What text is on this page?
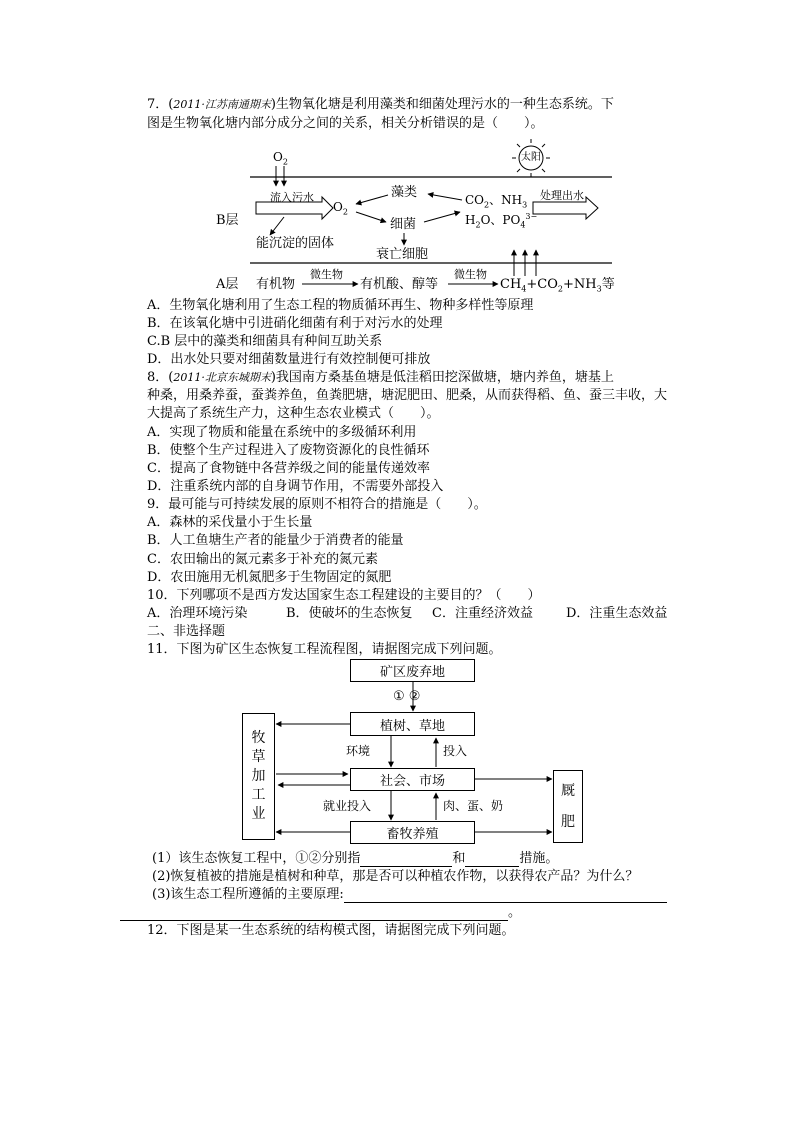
7．(2011·江苏南通期末)生物氧化塘是利用藻类和细菌处理污水的一种生态系统。下
图是生物氧化塘内部分成分之间的关系，相关分析错误的是（　　）。
太阳
$O_2$
流入污水
$O_2$
藻类
细菌
$CO_2$、$NH_3$
$H_2O$、$PO_4^{3-}$
处理出水
B层
能沉淀的固体
衰亡细胞
A层 有机物
微生物
有机酸、醇等
微生物
$CH_4+CO_2+NH_3$等
A．生物氧化塘利用了生态工程的物质循环再生、物种多样性等原理
B．在该氧化塘中引进硝化细菌有利于对污水的处理
C.B 层中的藻类和细菌具有种间互助关系
D．出水处只要对细菌数量进行有效控制便可排放
8．(2011·北京东城期末)我国南方桑基鱼塘是低洼稻田挖深做塘，塘内养鱼，塘基上
种桑，用桑养蚕，蚕粪养鱼，鱼粪肥塘，塘泥肥田、肥桑，从而获得稻、鱼、蚕三丰收，大
大提高了系统生产力，这种生态农业模式（　　）。
A．实现了物质和能量在系统中的多级循环利用
B．使整个生产过程进入了废物资源化的良性循环
C．提高了食物链中各营养级之间的能量传递效率
D．注重系统内部的自身调节作用，不需要外部投入
9．最可能与可持续发展的原则不相符合的措施是（　　）。
A．森林的采伐量小于生长量
B．人工鱼塘生产者的能量少于消费者的能量
C．农田输出的氮元素多于补充的氮元素
D．农田施用无机氮肥多于生物固定的氮肥
10．下列哪项不是西方发达国家生态工程建设的主要目的？（　　）
A．治理环境污染	B．使破坏的生态恢复 C．注重经济效益	D．注重生态效益
二、非选择题
11．下图为矿区生态恢复工程流程图，请据图完成下列问题。
矿区废弃地
① ②
植树、草地
环境	投入
社会、市场
就业投入	肉、蛋、奶
畜牧养殖
牧
草
加
工
业
厩
肥
(1）该生态恢复工程中，①②分别指	和	措施。
(2)恢复植被的措施是植树和种草，那是否可以种植农作物，以获得农产品？为什么？
(3)该生态工程所遵循的主要原理:
。
12．下图是某一生态系统的结构模式图，请据图完成下列问题。
